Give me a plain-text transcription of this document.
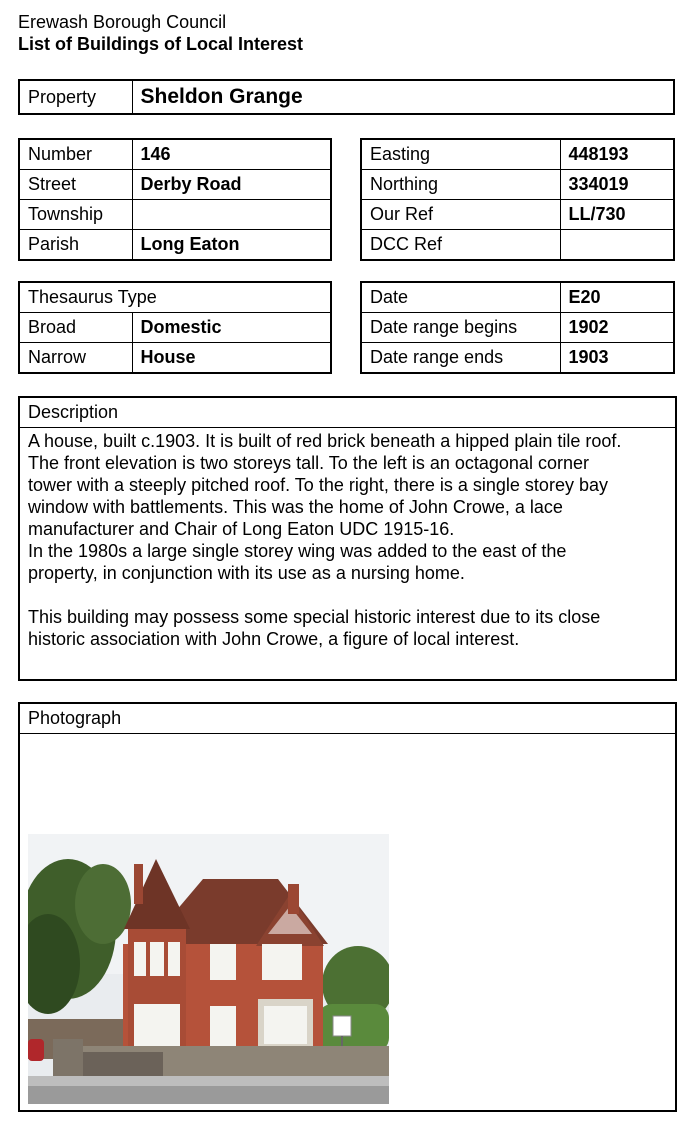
Erewash Borough Council
List of Buildings of Local Interest
Property	Sheldon Grange
Number	146
Street	Derby Road
Township	
Parish	Long Eaton
Easting	448193
Northing	334019
Our Ref	LL/730
DCC Ref	
Thesaurus Type	
Broad	Domestic
Narrow	House
Date	E20
Date range begins	1902
Date range ends	1903
Description

A house, built c.1903. It is built of red brick beneath a hipped plain tile roof.

The front elevation is two storeys tall. To the left is an octagonal corner

tower with a steeply pitched roof. To the right, there is a single storey bay

window with battlements. This was the home of John Crowe, a lace

manufacturer and Chair of Long Eaton UDC 1915-16.

In the 1980s a large single storey wing was added to the east of the

property, in conjunction with its use as a nursing home.

This building may possess some special historic interest due to its close

historic association with John Crowe, a figure of local interest.

Photograph
